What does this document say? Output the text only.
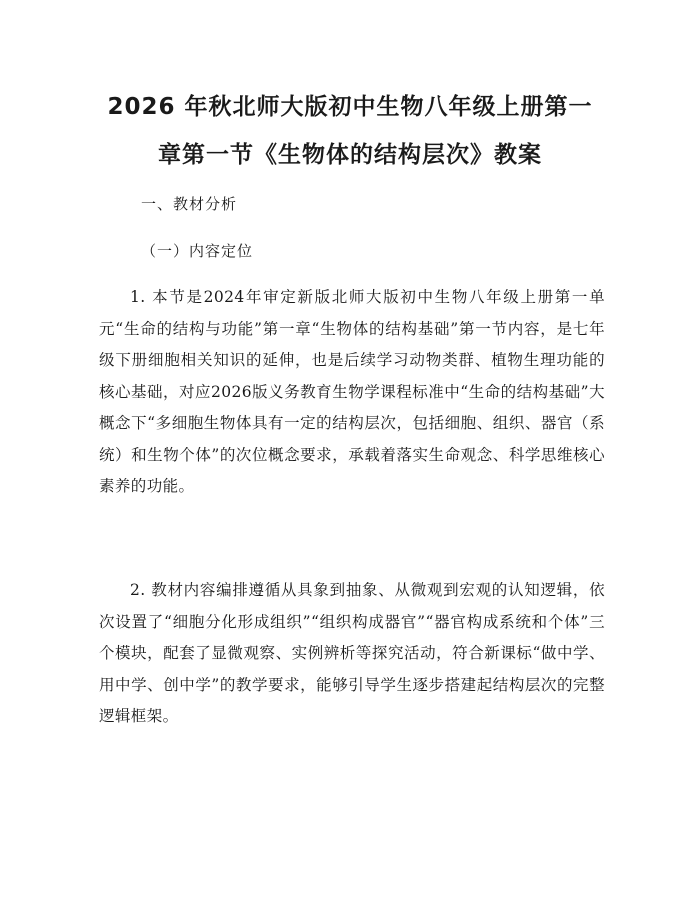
2026 年秋北师大版初中生物八年级上册第一
章第一节《生物体的结构层次》教案
一、教材分析
（一）内容定位
1. 本节是2024年审定新版北师大版初中生物八年级上册第一单元“生命的结构与功能”第一章“生物体的结构基础”第一节内容，是七年级下册细胞相关知识的延伸，也是后续学习动物类群、植物生理功能的核心基础，对应2026版义务教育生物学课程标准中“生命的结构基础”大概念下“多细胞生物体具有一定的结构层次，包括细胞、组织、器官（系统）和生物个体”的次位概念要求，承载着落实生命观念、科学思维核心素养的功能。
2. 教材内容编排遵循从具象到抽象、从微观到宏观的认知逻辑，依次设置了“细胞分化形成组织”“组织构成器官”“器官构成系统和个体”三个模块，配套了显微观察、实例辨析等探究活动，符合新课标“做中学、用中学、创中学”的教学要求，能够引导学生逐步搭建起结构层次的完整逻辑框架。
